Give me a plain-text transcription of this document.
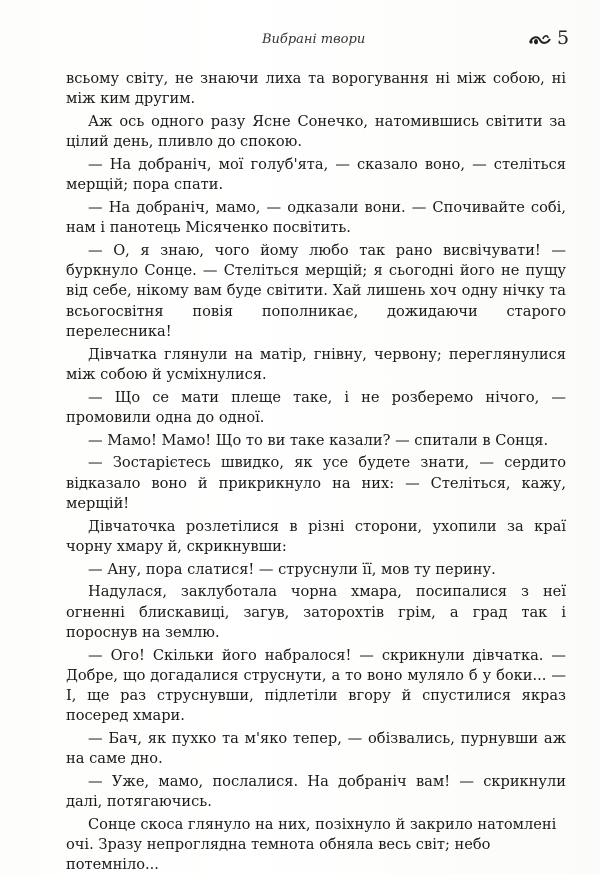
Вибрані твори	5

всьому світу, не знаючи лиха та ворогування ні між собою, ні між ким другим.

Аж ось одного разу Ясне Сонечко, натомившись світити за цілий день, пливло до спокою.

— На добраніч, мої голуб'ята, — сказало воно, — стеліться мерщій; пора спати.

— На добраніч, мамо, — одказали вони. — Спочивайте собі, нам і панотець Місяченко посвітить.

— О, я знаю, чого йому любо так рано висвічувати! — буркнуло Сонце. — Стеліться мерщій; я сьогодні його не пущу від себе, нікому вам буде світити. Хай лишень хоч одну нічку та всьогосвітня повія пополникає, дожидаючи старого перелесника!

Дівчатка глянули на матір, гнівну, червону; переглянулися між собою й усміхнулися.

— Що се мати плеще таке, і не розберемо нічого, — промовили одна до одної.

— Мамо! Мамо! Що то ви таке казали? — спитали в Сонця.

— Зостарієтесь швидко, як усе будете знати, — сердито відказало воно й прикрикнуло на них: — Стеліться, кажу, мерщій!

Дівчаточка розлетілися в різні сторони, ухопили за краї чорну хмару й, скрикнувши:

— Ану, пора слатися! — струснули її, мов ту перину.

Надулася, заклуботала чорна хмара, посипалися з неї огненні блискавиці, загув, заторохтів грім, а град так і пороснув на землю.

— Ого! Скільки його набралося! — скрикнули дівчатка. — Добре, що догадалися струснути, а то воно муляло б у боки... — І, ще раз струснувши, підлетіли вгору й спустилися якраз посеред хмари.

— Бач, як пухко та м'яко тепер, — обізвались, пурнувши аж на саме дно.

— Уже, мамо, послалися. На добраніч вам! — скрикнули далі, потягаючись.

Сонце скоса глянуло на них, позіхнуло й закрило натомлені очі. Зразу непроглядна темнота обняла весь світ; небо потемніло...
